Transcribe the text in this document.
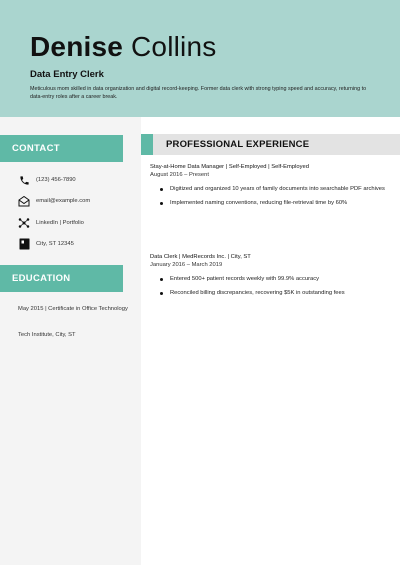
Denise Collins
Data Entry Clerk
Meticulous mom skilled in data organization and digital record-keeping. Former data clerk with strong typing speed and accuracy, returning to data-entry roles after a career break.
CONTACT
(123) 456-7890
email@example.com
LinkedIn | Portfolio
City, ST 12345
EDUCATION
May 2015 | Certificate in Office Technology
Tech Institute, City, ST
PROFESSIONAL EXPERIENCE
Stay-at-Home Data Manager | Self-Employed | Self-Employed
August 2016 – Present
Digitized and organized 10 years of family documents into searchable PDF archives
Implemented naming conventions, reducing file-retrieval time by 60%
Data Clerk | MedRecords Inc. | City, ST
January 2016 – March 2019
Entered 500+ patient records weekly with 99.9% accuracy
Reconciled billing discrepancies, recovering $5K in outstanding fees
